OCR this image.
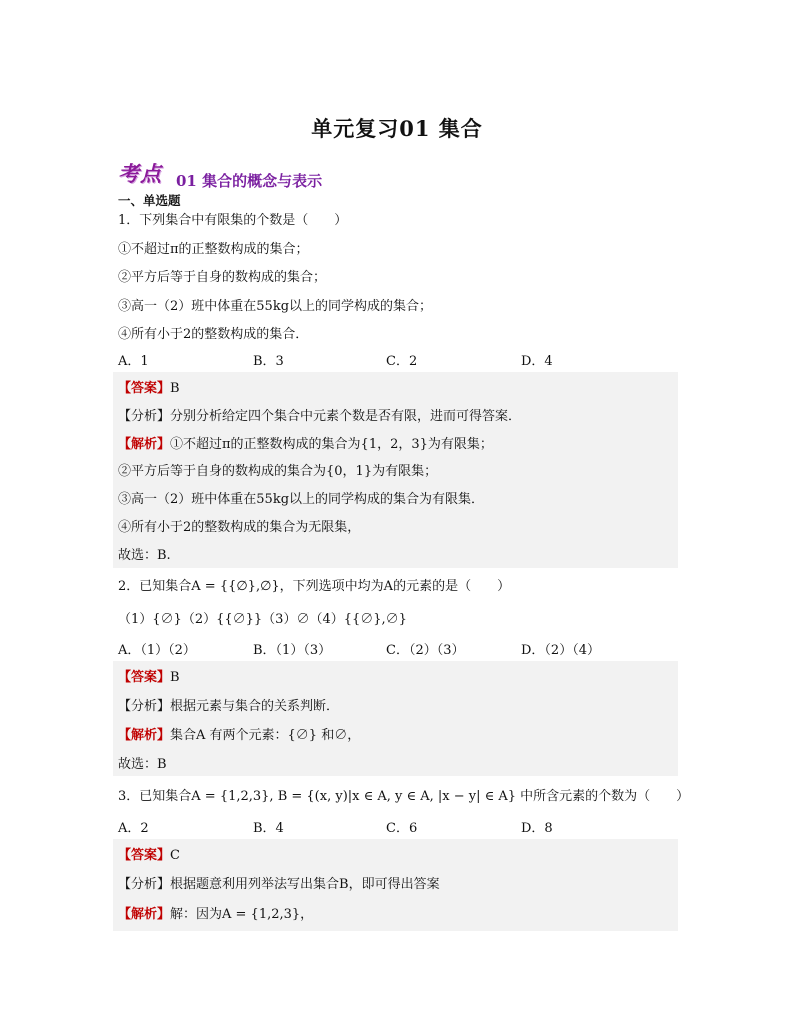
单元复习01 集合
考点 01 集合的概念与表示
一、单选题
1．下列集合中有限集的个数是（　　）
①不超过π的正整数构成的集合；
②平方后等于自身的数构成的集合；
③高一（2）班中体重在55kg以上的同学构成的集合；
④所有小于2的整数构成的集合．
A．1	B．3	C．2	D．4
【答案】B
【分析】分别分析给定四个集合中元素个数是否有限，进而可得答案．
【解析】①不超过π的正整数构成的集合为{1，2，3}为有限集；
②平方后等于自身的数构成的集合为{0，1}为有限集；
③高一（2）班中体重在55kg以上的同学构成的集合为有限集．
④所有小于2的整数构成的集合为无限集，
故选：B.
2．已知集合A = {{∅},∅}，下列选项中均为A的元素的是（　　）
（1）{∅}（2）{{∅}}（3）∅（4）{{∅},∅}
A．（1）（2）	B．（1）（3）	C．（2）（3）	D．（2）（4）
【答案】B
【分析】根据元素与集合的关系判断．
【解析】集合A 有两个元素：{∅} 和∅，
故选：B
3．已知集合A = {1,2,3}, B = {(x, y)|x ∈ A, y ∈ A, |x − y| ∈ A} 中所含元素的个数为（　　）
A．2	B．4	C．6	D．8
【答案】C
【分析】根据题意利用列举法写出集合B，即可得出答案
【解析】解：因为A = {1,2,3}，
